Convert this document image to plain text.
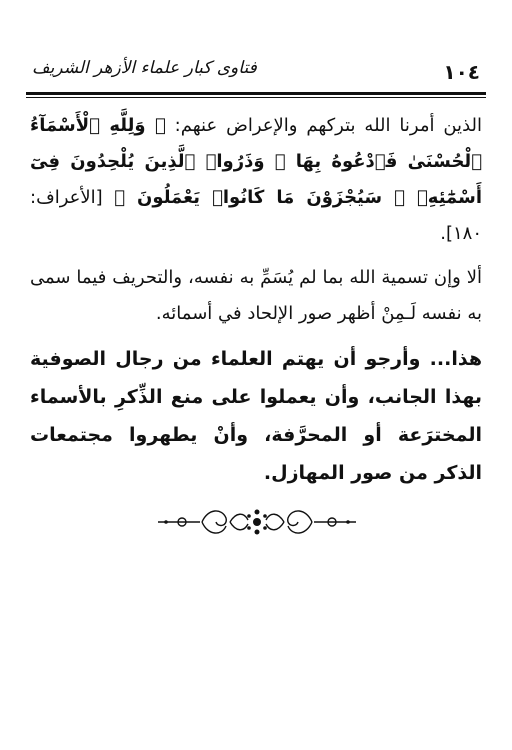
١٠٤
فتاوى كبار علماء الأزهر الشريف

الذين أمرنا الله بتركهم والإعراض عنهم: ﴿ وَلِلَّهِ ٱلْأَسْمَآءُ ٱلْحُسْنَىٰ فَٱدْعُوهُ بِهَا ۖ وَذَرُوا۟ ٱلَّذِينَ يُلْحِدُونَ فِىٓ أَسْمَٰٓئِهِۦ ۚ سَيُجْزَوْنَ مَا كَانُوا۟ يَعْمَلُونَ ﴾ [الأعراف: ١٨٠].

ألا وإن تسمية الله بما لم يُسَمِّ به نفسه، والتحريف فيما سمى به نفسه لَـمِنْ أظهر صور الإلحاد في أسمائه.

هذا... وأرجو أن يهتم العلماء من رجال الصوفية بهذا الجانب، وأن يعملوا على منع الذِّكرِ بالأسماء المخترَعة أو المحرَّفة، وأنْ يطهروا مجتمعات الذكر من صور المهازل.
